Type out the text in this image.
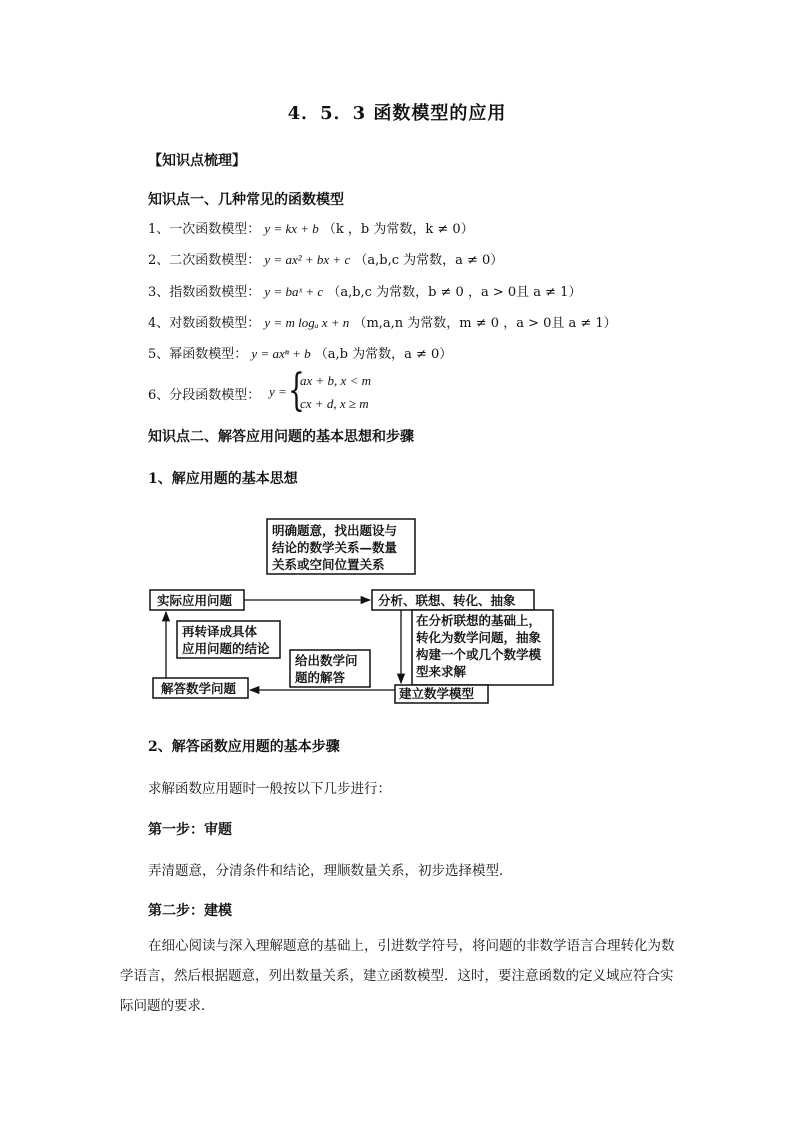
4．5．3 函数模型的应用
【知识点梳理】
知识点一、几种常见的函数模型
1、一次函数模型： y = kx + b （k ，b 为常数，k ≠ 0）
2、二次函数模型： y = ax² + bx + c （a,b,c 为常数，a ≠ 0）
3、指数函数模型： y = baˣ + c （a,b,c 为常数，b ≠ 0 ，a > 0且 a ≠ 1）
4、对数函数模型： y = m logₐ x + n （m,a,n 为常数，m ≠ 0 ，a > 0且 a ≠ 1）
5、幂函数模型： y = axⁿ + b （a,b 为常数，a ≠ 0）
6、分段函数模型： y = {
ax + b, x < m
cx + d, x ≥ m
知识点二、解答应用问题的基本思想和步骤
1、解应用题的基本思想
明确题意，找出题设与
结论的数学关系—数量
关系或空间位置关系
实际应用问题	分析、联想、转化、抽象
在分析联想的基础上，
转化为数学问题，抽象
构建一个或几个数学模
型来求解
再转译成具体
应用问题的结论
给出数学问
题的解答
解答数学问题	建立数学模型
2、解答函数应用题的基本步骤
求解函数应用题时一般按以下几步进行：
第一步：审题
弄清题意，分清条件和结论，理顺数量关系，初步选择模型．
第二步：建模
在细心阅读与深入理解题意的基础上，引进数学符号，将问题的非数学语言合理转化为数学语言，然后根据题意，列出数量关系，建立函数模型．这时，要注意函数的定义域应符合实际问题的要求．
